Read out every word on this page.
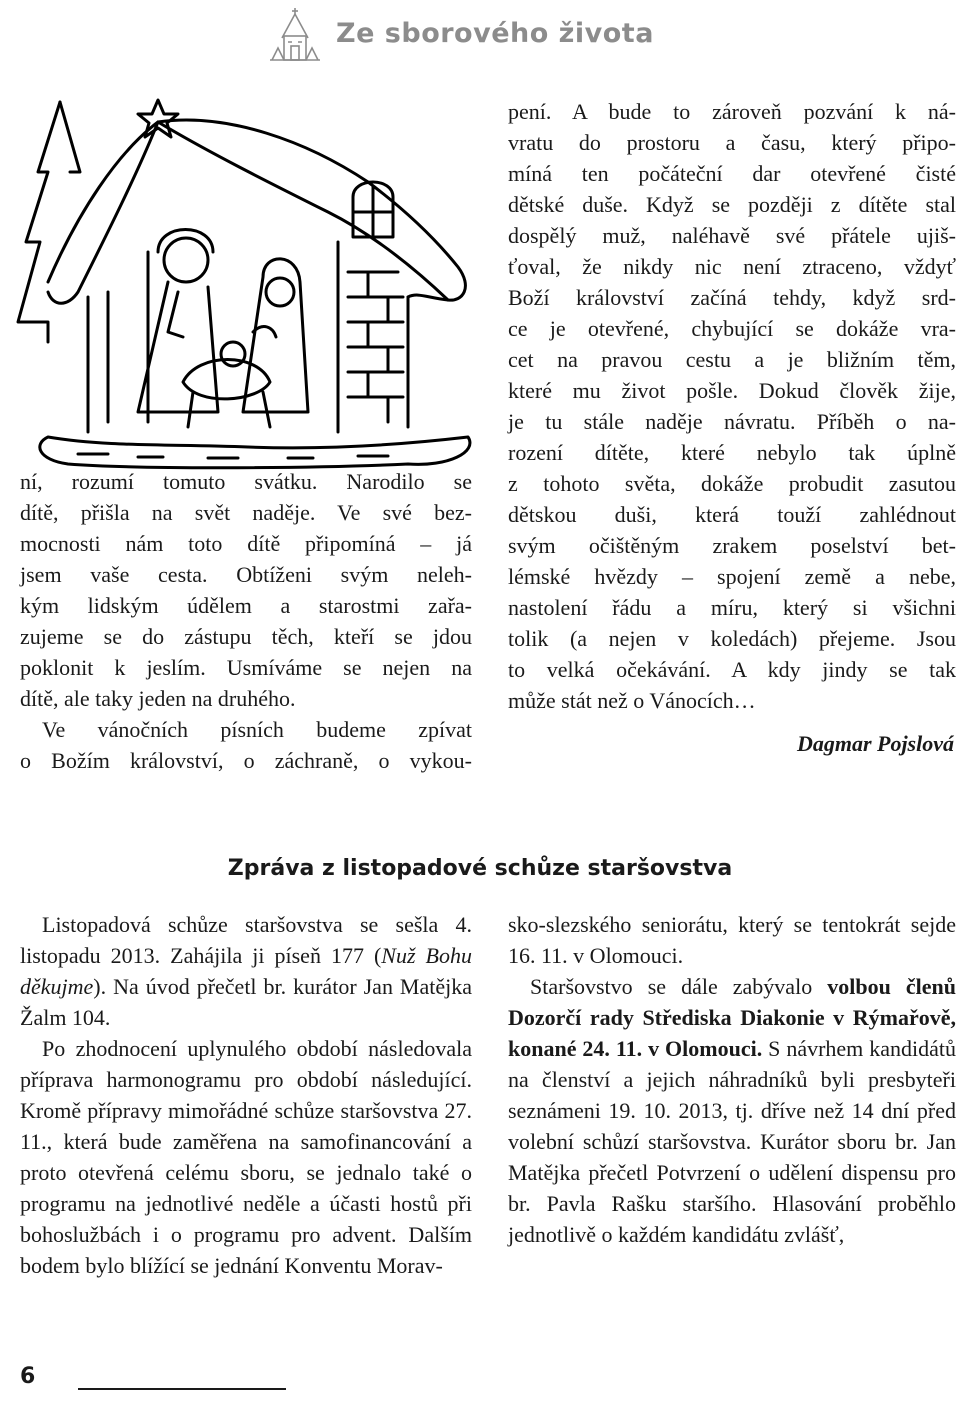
Ze sborového života

ní, rozumí tomuto svátku. Narodilo se

dítě, přišla na svět naděje. Ve své bez-

mocnosti nám toto dítě připomíná – já

jsem vaše cesta. Obtíženi svým neleh-

kým lidským údělem a starostmi zařa-

zujeme se do zástupu těch, kteří se jdou

poklonit k jeslím. Usmíváme se nejen na

dítě, ale taky jeden na druhého.

Ve vánočních písních budeme zpívat

o Božím království, o záchraně, o vykou-

pení. A bude to zároveň pozvání k ná-

vratu do prostoru a času, který připo-

míná ten počáteční dar otevřené čisté

dětské duše. Když se později z dítěte stal

dospělý muž, naléhavě své přátele ujiš-

ťoval, že nikdy nic není ztraceno, vždyť

Boží království začíná tehdy, když srd-

ce je otevřené, chybující se dokáže vra-

cet na pravou cestu a je bližním těm,

které mu život pošle. Dokud člověk žije,

je tu stále naděje návratu. Příběh o na-

rození dítěte, které nebylo tak úplně

z tohoto světa, dokáže probudit zasutou

dětskou duši, která touží zahlédnout

svým očištěným zrakem poselství bet-

lémské hvězdy – spojení země a nebe,

nastolení řádu a míru, který si všichni

tolik (a nejen v koledách) přejeme. Jsou

to velká očekávání. A kdy jindy se tak

může stát než o Vánocích…

Dagmar Pojslová
Zpráva z listopadové schůze staršovstva

Listopadová schůze staršovstva se sešla 4. listopadu 2013. Zahájila ji píseň 177 (Nuž Bohu děkujme). Na úvod přečetl br. kurátor Jan Matějka Žalm 104.

Po zhodnocení uplynulého období následovala příprava harmonogramu pro období následující. Kromě přípravy mimořádné schůze staršovstva 27. 11., která bude zaměřena na samofinancování a proto otevřená celému sboru, se jednalo také o programu na jednotlivé neděle a účasti hostů při bohoslužbách i o programu pro advent. Dalším bodem bylo blížící se jednání Konventu Morav-

sko-slezského seniorátu, který se tentokrát sejde 16. 11. v Olomouci.

Staršovstvo se dále zabývalo volbou členů Dozorčí rady Střediska Diakonie v Rýmařově, konané 24. 11. v Olomouci. S návrhem kandidátů na členství a jejich náhradníků byli presbyteři seznámeni 19. 10. 2013, tj. dříve než 14 dní před volební schůzí staršovstva. Kurátor sboru br. Jan Matějka přečetl Potvrzení o udělení dispensu pro br. Pavla Rašku staršího. Hlasování proběhlo jednotlivě o každém kandidátu zvlášť,

6
